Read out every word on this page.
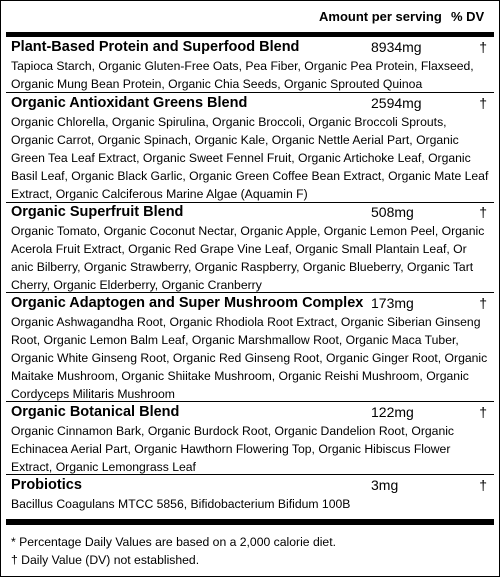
Amount per serving % DV
Plant-Based Protein and Superfood Blend	8934mg	†
Tapioca Starch, Organic Gluten-Free Oats, Pea Fiber, Organic Pea Protein, Flaxseed, Organic Mung Bean Protein, Organic Chia Seeds, Organic Sprouted Quinoa
Organic Antioxidant Greens Blend	2594mg	†
Organic Chlorella, Organic Spirulina, Organic Broccoli, Organic Broccoli Sprouts, Organic Carrot, Organic Spinach, Organic Kale, Organic Nettle Aerial Part, Organic Green Tea Leaf Extract, Organic Sweet Fennel Fruit, Organic Artichoke Leaf, Organic Basil Leaf, Organic Black Garlic, Organic Green Coffee Bean Extract, Organic Mate Leaf Extract, Organic Calciferous Marine Algae (Aquamin F)
Organic Superfruit Blend	508mg	†
Organic Tomato, Organic Coconut Nectar, Organic Apple, Organic Lemon Peel, Organic Acerola Fruit Extract, Organic Red Grape Vine Leaf, Organic Small Plantain Leaf, Or anic Bilberry, Organic Strawberry, Organic Raspberry, Organic Blueberry, Organic Tart Cherry, Organic Elderberry, Organic Cranberry
Organic Adaptogen and Super Mushroom Complex 173mg	†
Organic Ashwagandha Root, Organic Rhodiola Root Extract, Organic Siberian Ginseng Root, Organic Lemon Balm Leaf, Organic Marshmallow Root, Organic Maca Tuber, Organic White Ginseng Root, Organic Red Ginseng Root, Organic Ginger Root, Organic Maitake Mushroom, Organic Shiitake Mushroom, Organic Reishi Mushroom, Organic Cordyceps Militaris Mushroom
Organic Botanical Blend	122mg	†
Organic Cinnamon Bark, Organic Burdock Root, Organic Dandelion Root, Organic Echinacea Aerial Part, Organic Hawthorn Flowering Top, Organic Hibiscus Flower Extract, Organic Lemongrass Leaf
Probiotics	3mg	†
Bacillus Coagulans MTCC 5856, Bifidobacterium Bifidum 100B
* Percentage Daily Values are based on a 2,000 calorie diet.
† Daily Value (DV) not established.
